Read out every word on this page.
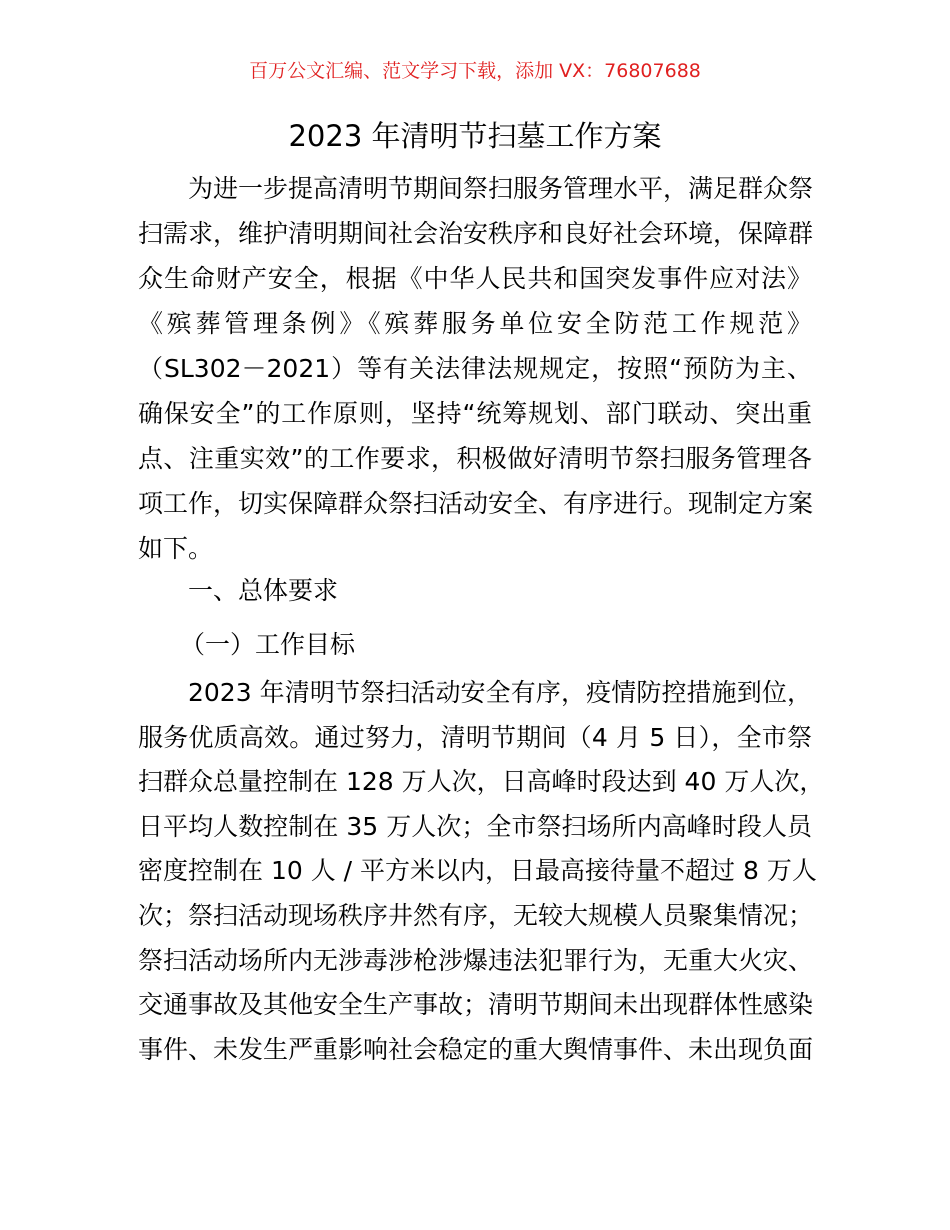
百万公文汇编、范文学习下载，添加 VX：76807688
2023 年清明节扫墓工作方案
为进一步提高清明节期间祭扫服务管理水平，满足群众祭
扫需求，维护清明期间社会治安秩序和良好社会环境，保障群
众生命财产安全，根据《中华人民共和国突发事件应对法》
《殡葬管理条例》《殡葬服务单位安全防范工作规范》
（SL302－2021）等有关法律法规规定，按照“预防为主、
确保安全”的工作原则，坚持“统筹规划、部门联动、突出重
点、注重实效”的工作要求，积极做好清明节祭扫服务管理各
项工作，切实保障群众祭扫活动安全、有序进行。现制定方案
如下。
一、总体要求
（一）工作目标
2023 年清明节祭扫活动安全有序，疫情防控措施到位，
服务优质高效。通过努力，清明节期间（4 月 5 日），全市祭
扫群众总量控制在 128 万人次，日高峰时段达到 40 万人次，
日平均人数控制在 35 万人次；全市祭扫场所内高峰时段人员
密度控制在 10 人 / 平方米以内，日最高接待量不超过 8 万人
次；祭扫活动现场秩序井然有序，无较大规模人员聚集情况；
祭扫活动场所内无涉毒涉枪涉爆违法犯罪行为，无重大火灾、
交通事故及其他安全生产事故；清明节期间未出现群体性感染
事件、未发生严重影响社会稳定的重大舆情事件、未出现负面
